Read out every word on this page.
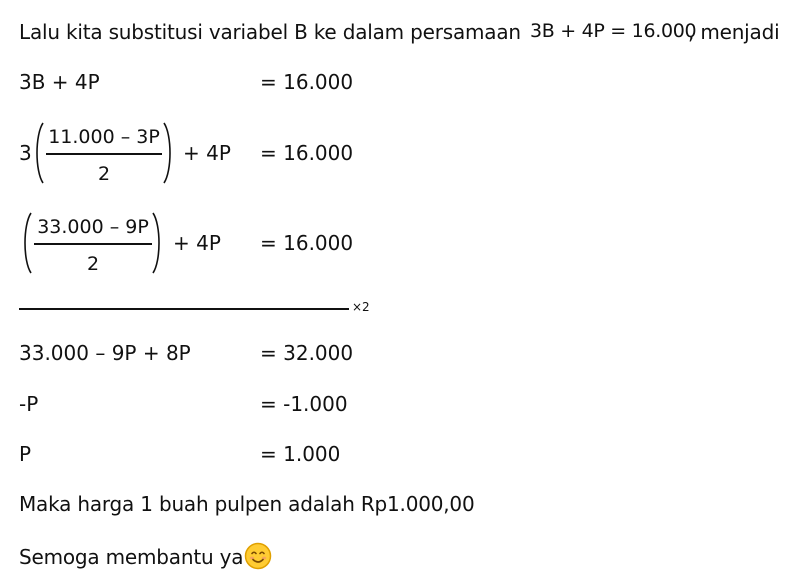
Lalu kita substitusi variabel B ke dalam persamaan 3B + 4P = 16.000
, menjadi
3B + 4P	= 16.000
3
11.000 – 3P
2
+ 4P = 16.000
33.000 – 9P
2
+ 4P = 16.000
×2
33.000 – 9P + 8P	= 32.000
-P	= -1.000
P	= 1.000
Maka harga 1 buah pulpen adalah Rp1.000,00
Semoga membantu ya
